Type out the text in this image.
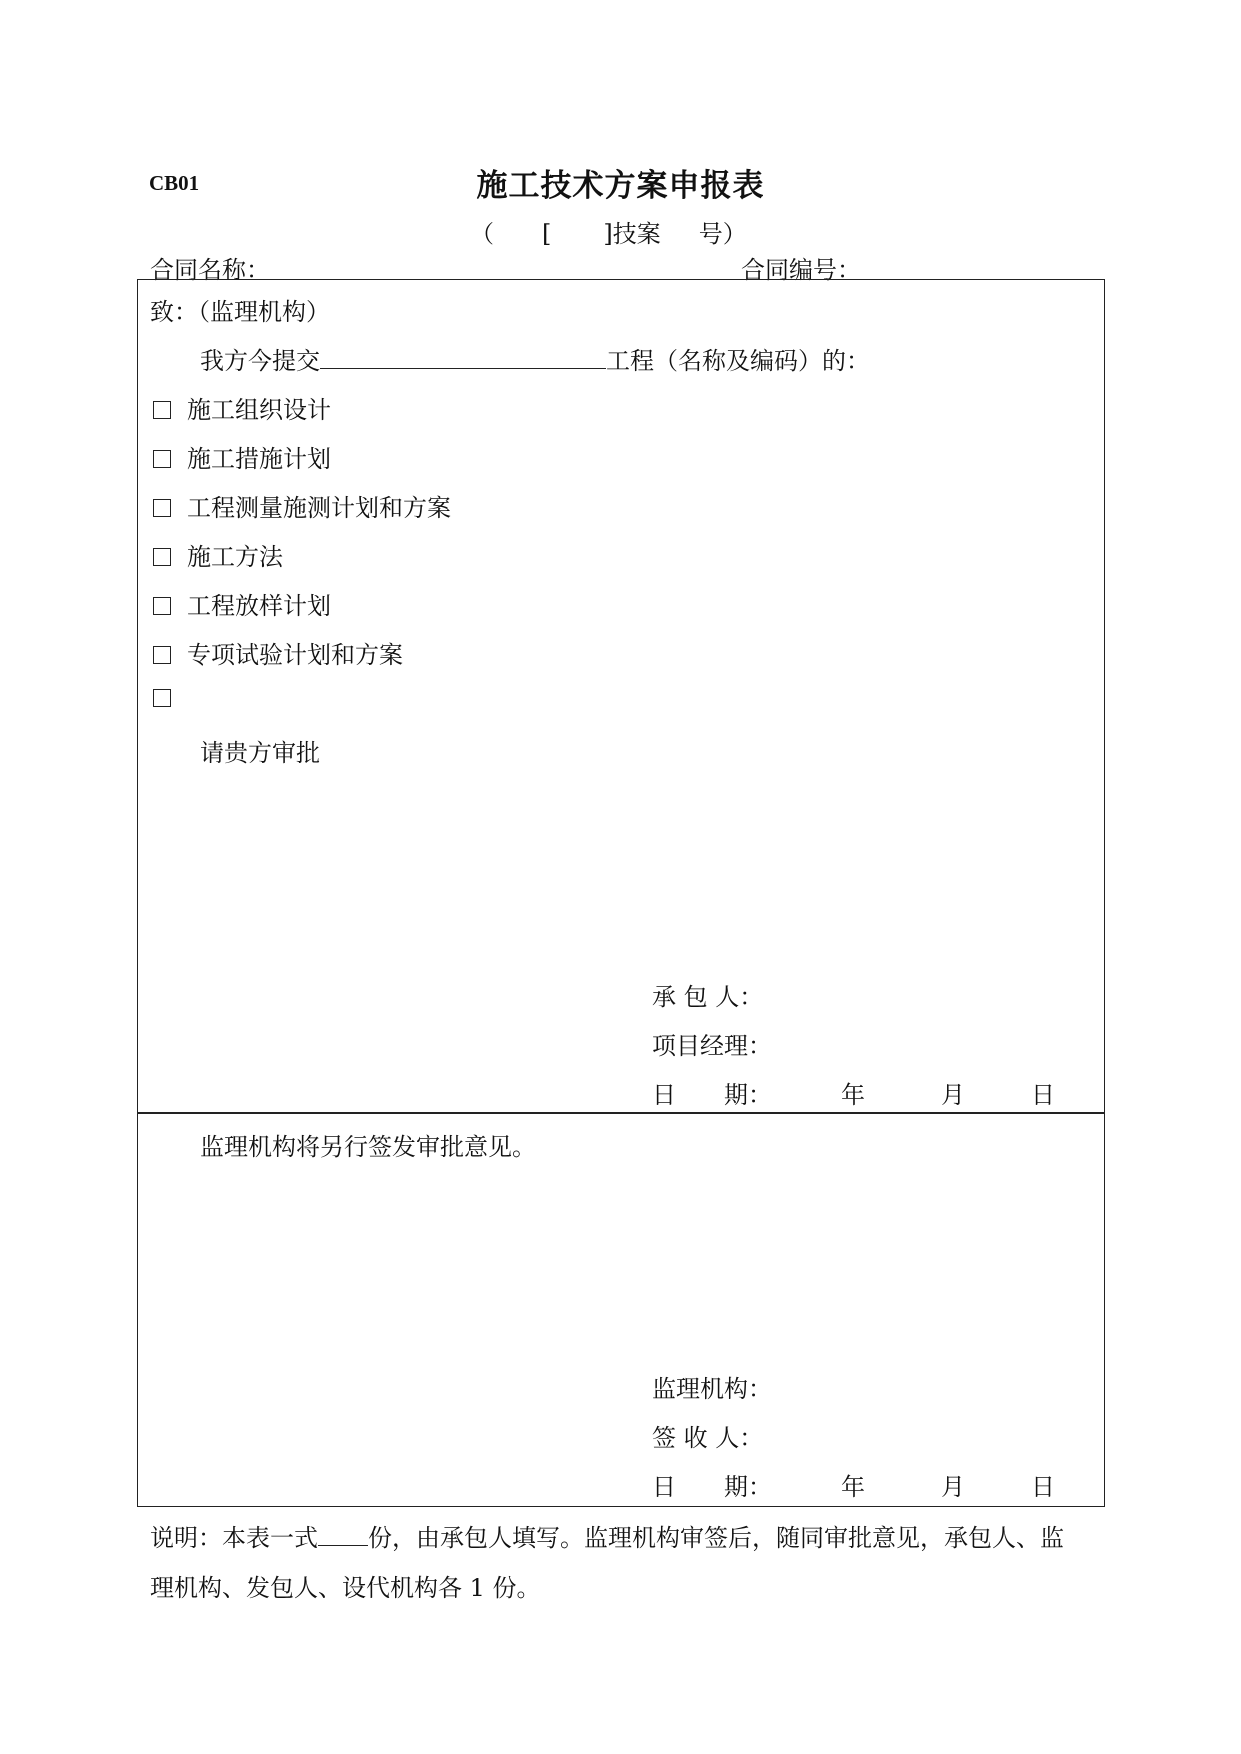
CB01	施工技术方案申报表
（ [ ]技案 号）
合同名称：	合同编号：
致：（监理机构）
我方今提交	工程（名称及编码）的：
施工组织设计
施工措施计划
工程测量施测计划和方案
施工方法
工程放样计划
专项试验计划和方案
请贵方审批
承 包 人：
项目经理：
日　　期：	年	月	日
监理机构将另行签发审批意见。
监理机构：
签 收 人：
日　　期：	年	月	日
说明：本表一式 份，由承包人填写。监理机构审签后，随同审批意见，承包人、监
理机构、发包人、设代机构各 1 份。
